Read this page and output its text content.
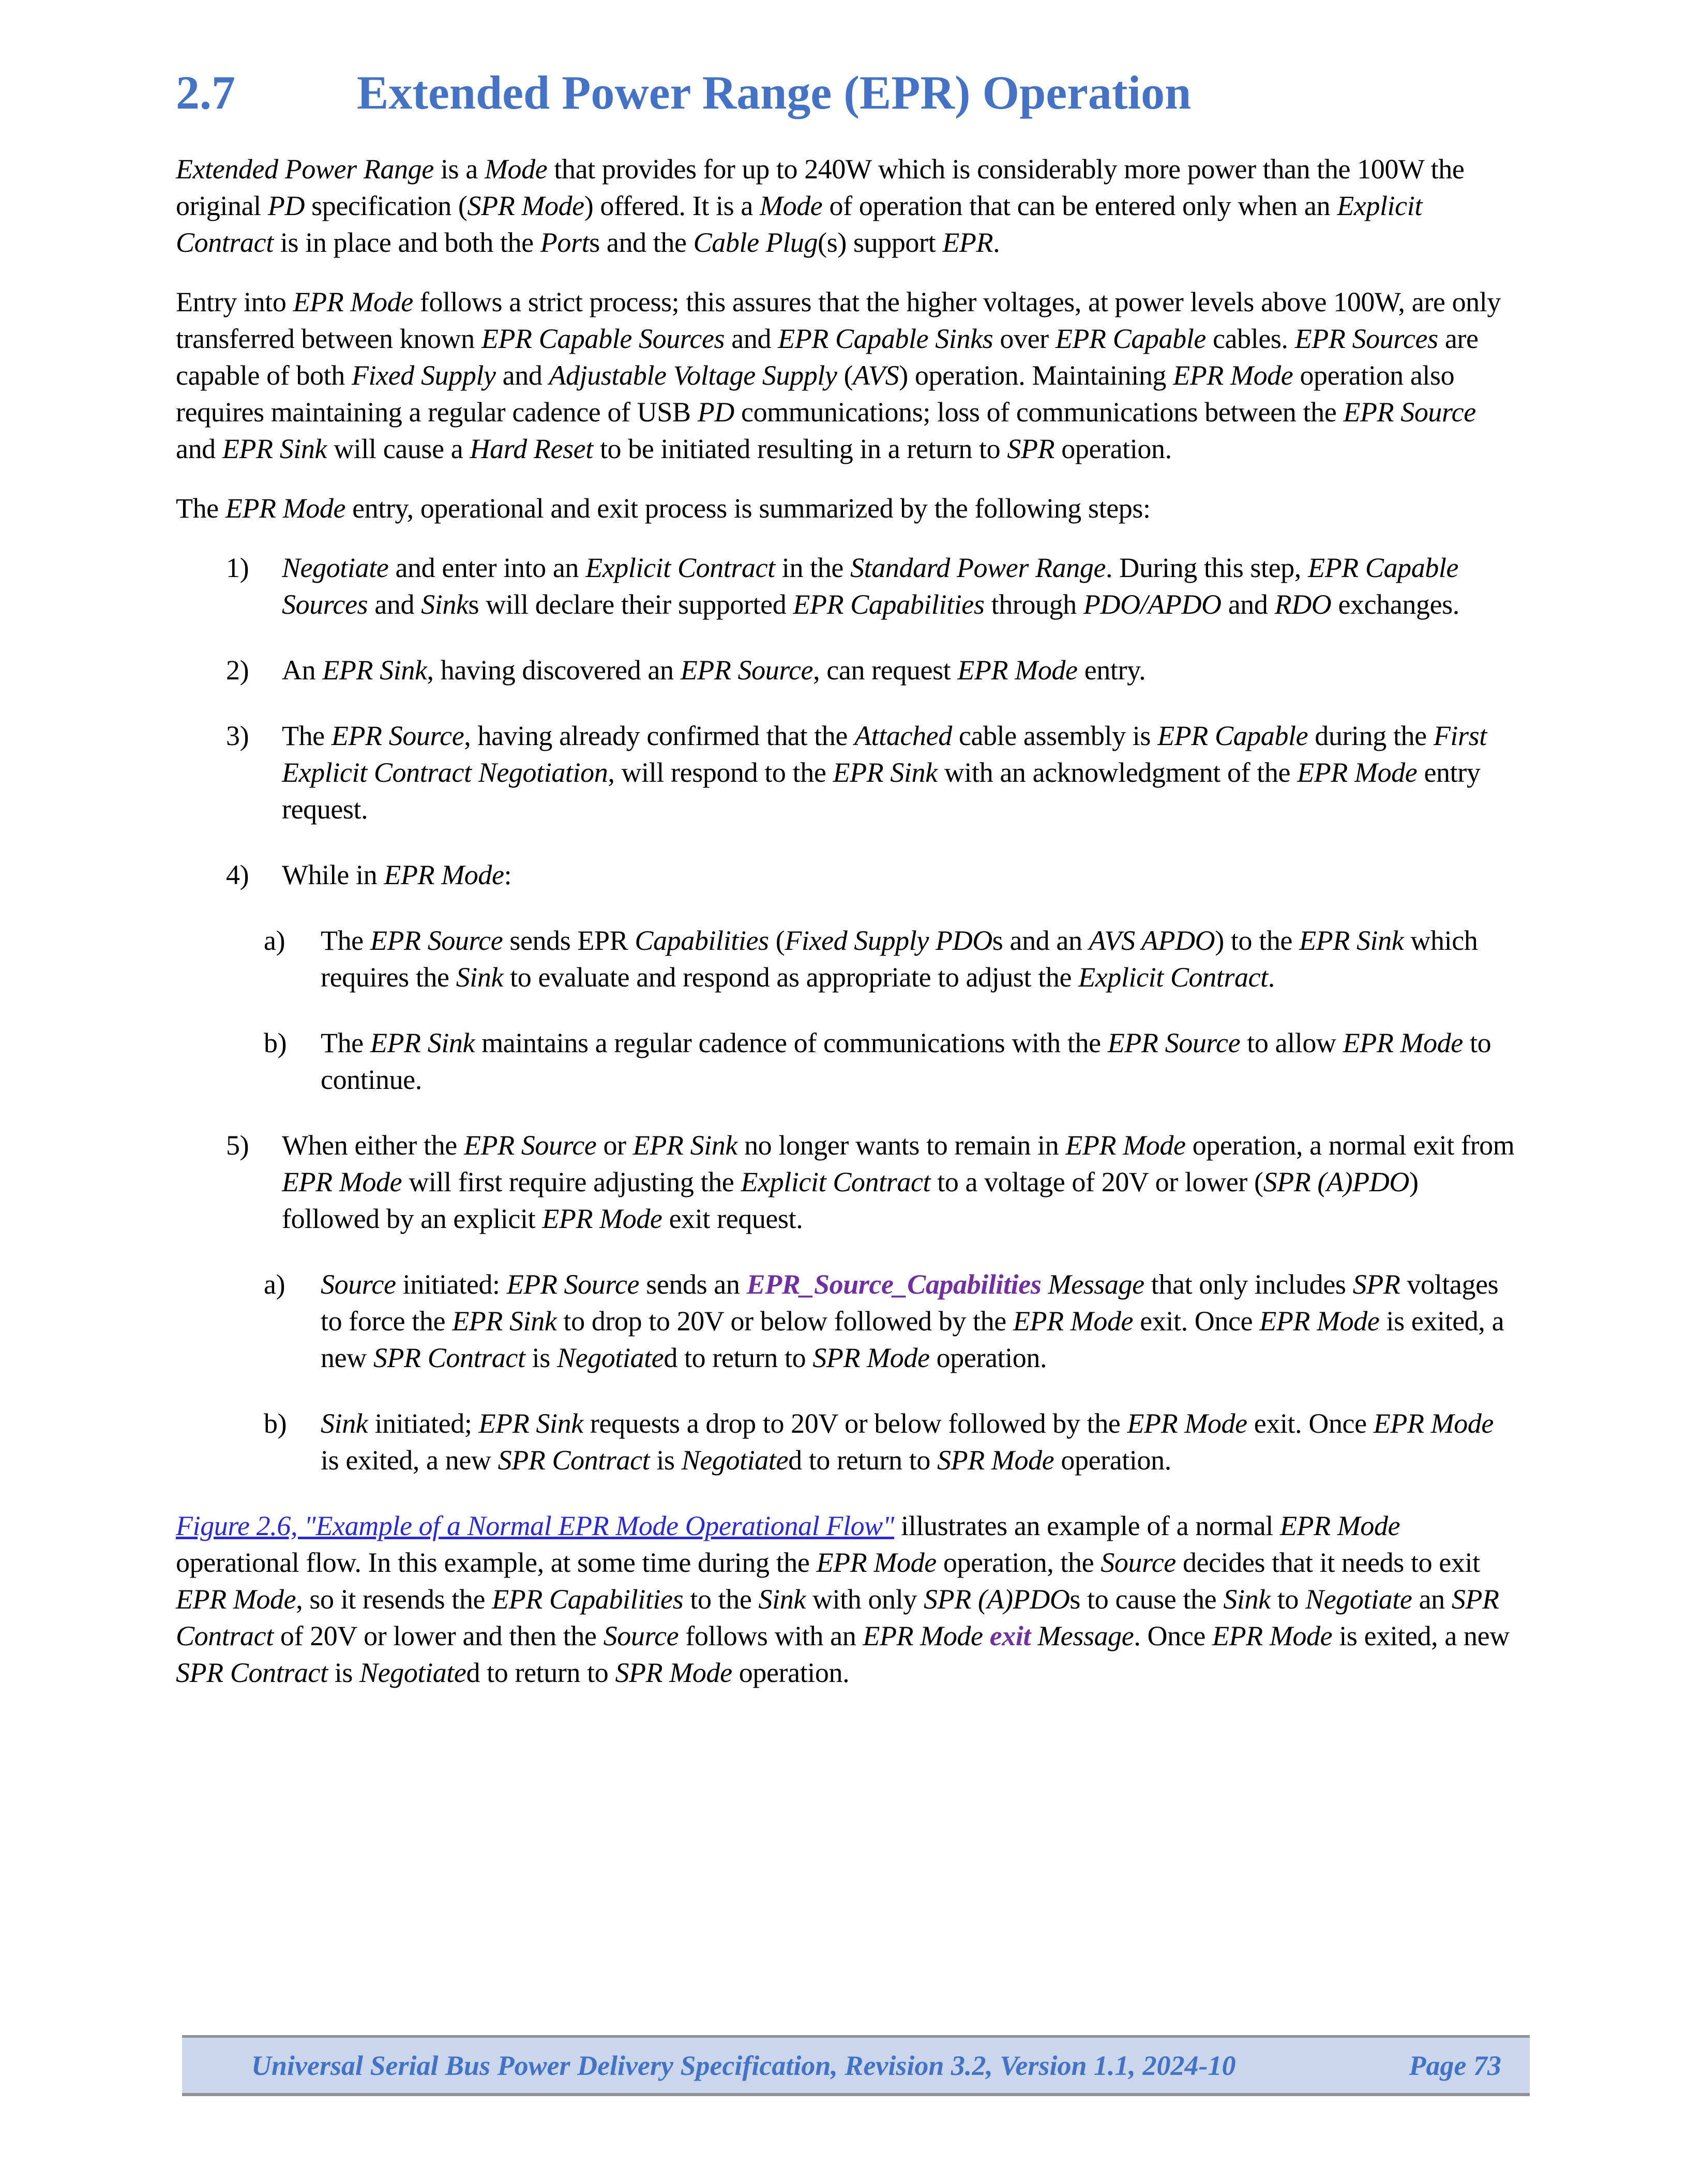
2.7	Extended Power Range (EPR) Operation

Extended Power Range is a Mode that provides for up to 240W which is considerably more power than the 100W the original PD specification (SPR Mode) offered. It is a Mode of operation that can be entered only when an Explicit Contract is in place and both the Ports and the Cable Plug(s) support EPR.

Entry into EPR Mode follows a strict process; this assures that the higher voltages, at power levels above 100W, are only transferred between known EPR Capable Sources and EPR Capable Sinks over EPR Capable cables. EPR Sources are capable of both Fixed Supply and Adjustable Voltage Supply (AVS) operation. Maintaining EPR Mode operation also requires maintaining a regular cadence of USB PD communications; loss of communications between the EPR Source and EPR Sink will cause a Hard Reset to be initiated resulting in a return to SPR operation.

The EPR Mode entry, operational and exit process is summarized by the following steps:

1) Negotiate and enter into an Explicit Contract in the Standard Power Range. During this step, EPR Capable Sources and Sinks will declare their supported EPR Capabilities through PDO/APDO and RDO exchanges.
2) An EPR Sink, having discovered an EPR Source, can request EPR Mode entry.
3) The EPR Source, having already confirmed that the Attached cable assembly is EPR Capable during the First Explicit Contract Negotiation, will respond to the EPR Sink with an acknowledgment of the EPR Mode entry request.
4) While in EPR Mode:
a) The EPR Source sends EPR Capabilities (Fixed Supply PDOs and an AVS APDO) to the EPR Sink which requires the Sink to evaluate and respond as appropriate to adjust the Explicit Contract.
b) The EPR Sink maintains a regular cadence of communications with the EPR Source to allow EPR Mode to continue.
5) When either the EPR Source or EPR Sink no longer wants to remain in EPR Mode operation, a normal exit from EPR Mode will first require adjusting the Explicit Contract to a voltage of 20V or lower (SPR (A)PDO) followed by an explicit EPR Mode exit request.
a) Source initiated: EPR Source sends an EPR_Source_Capabilities Message that only includes SPR voltages to force the EPR Sink to drop to 20V or below followed by the EPR Mode exit. Once EPR Mode is exited, a new SPR Contract is Negotiated to return to SPR Mode operation.
b) Sink initiated; EPR Sink requests a drop to 20V or below followed by the EPR Mode exit. Once EPR Mode is exited, a new SPR Contract is Negotiated to return to SPR Mode operation.

Figure 2.6, "Example of a Normal EPR Mode Operational Flow" illustrates an example of a normal EPR Mode operational flow. In this example, at some time during the EPR Mode operation, the Source decides that it needs to exit EPR Mode, so it resends the EPR Capabilities to the Sink with only SPR (A)PDOs to cause the Sink to Negotiate an SPR Contract of 20V or lower and then the Source follows with an EPR Mode exit Message. Once EPR Mode is exited, a new SPR Contract is Negotiated to return to SPR Mode operation.

Universal Serial Bus Power Delivery Specification, Revision 3.2, Version 1.1, 2024-10	Page 73
